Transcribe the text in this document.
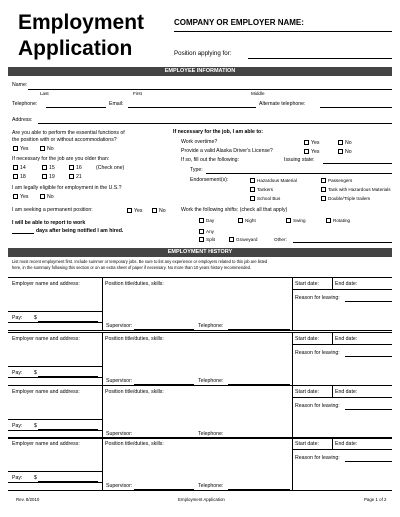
Employment
Application
COMPANY OR EMPLOYER NAME:
Position applying for:
EMPLOYEE INFORMATION
Name:
Last	First	Middle
Telephone:	Email:	Alternate telephone:
Address:
Are you able to perform the essential functions of
the position with or without accommodations?
Yes	No
If necessary for the job are you older than:
14	15	16	(Check one)
18	19	21
I am legally eligible for employment in the U.S.?
Yes	No
I am seeking a permanent position:	Yes	No
I will be able to report to work
days after being notified I am hired.
If necessary for the job, I am able to:
Work overtime?	Yes	No
Provide a valid Alaska Driver's License?	Yes	No
If so, fill out the following:	Issuing state:
Type:
Endorsement(s):	Hazardous Material	Passengers
Tankers	Tank with Hazardous Materials
School Bus	Double/Triple trailers
Work the following shifts: (check all that apply)
Day	Night	Swing	Rotating
Any
Split	Graveyard	Other:
EMPLOYMENT HISTORY
List most recent employment first. Include summer or temporary jobs. Be sure to list any experience or employers related to this job are listed
here, in the summary following this section or on an extra sheet of paper if necessary. No more than 10 years history recommended.
Employer name and address:	Position title/duties, skills:	Start date:	End date:
Reason for leaving:
Pay: $
Supervisor:	Telephone:
Employer name and address:	Position title/duties, skills:	Start date:	End date:
Reason for leaving:
Pay: $
Supervisor:	Telephone:
Employer name and address:	Position title/duties, skills:	Start date:	End date:
Reason for leaving:
Pay: $
Supervisor:	Telephone:
Employer name and address:	Position title/duties, skills:	Start date:	End date:
Reason for leaving:
Pay: $
Supervisor:	Telephone:
Rev. 8/2010	Employment Application	Page 1 of 2
